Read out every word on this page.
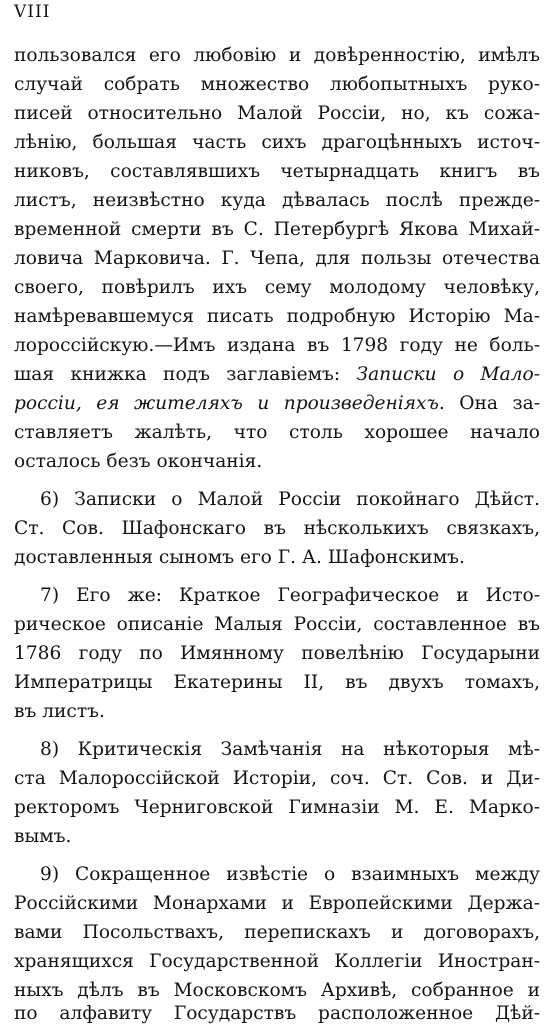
VIII
пользовался его любовію и довѣренностію, имѣлъ
случай собрать множество любопытныхъ руко-
писей относительно Малой Россіи, но, къ сожа-
лѣнію, большая часть сихъ драгоцѣнныхъ источ-
никовъ, составлявшихъ четырнадцать книгъ въ
листъ, неизвѣстно куда дѣвалась послѣ прежде-
временной смерти въ С. Петербургѣ Якова Михай-
ловича Марковича. Г. Чепа, для пользы отечества
своего, повѣрилъ ихъ сему молодому человѣку,
намѣревавшемуся писать подробную Исторію Ма-
лороссійскую.—Имъ издана въ 1798 году не боль-
шая книжка подъ заглавіемъ: Записки о Мало-
россіи, ея жителяхъ и произведеніяхъ. Она за-
ставляетъ жалѣть, что столь хорошее начало
осталось безъ окончанія.
6) Записки о Малой Россіи покойнаго Дѣйст.
Ст. Сов. Шафонскаго въ нѣсколькихъ связкахъ,
доставленныя сыномъ его Г. А. Шафонскимъ.
7) Его же: Краткое Географическое и Исто-
рическое описаніе Малыя Россіи, составленное въ
1786 году по Имянному повелѣнію Государыни
Императрицы Екатерины II, въ двухъ томахъ,
въ листъ.
8) Критическія Замѣчанія на нѣкоторыя мѣ-
ста Малороссійской Исторіи, соч. Ст. Сов. и Ди-
ректоромъ Черниговской Гимназіи М. Е. Марко-
вымъ.
9) Сокращенное извѣстіе о взаимныхъ между
Россійскими Монархами и Европейскими Держа-
вами Посольствахъ, перепискахъ и договорахъ,
хранящихся Государственной Коллегіи Иностран-
ныхъ дѣлъ въ Московскомъ Архивѣ, собранное и
по алфавиту Государствъ расположенное Дѣй-
